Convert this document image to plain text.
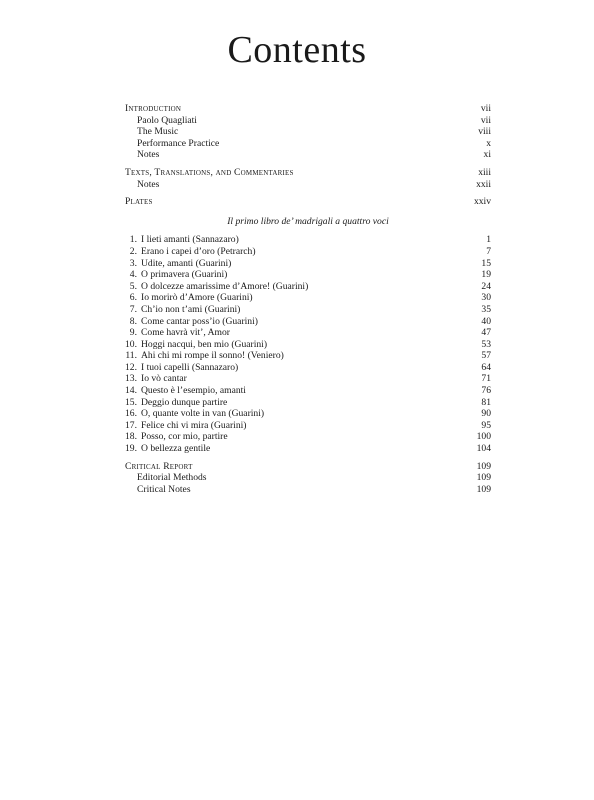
Contents
Introduction	vii
Paolo Quagliati	vii
The Music	viii
Performance Practice	x
Notes	xi
Texts, Translations, and Commentaries	xiii
Notes	xxii
Plates	xxiv
Il primo libro de’ madrigali a quattro voci
1. I lieti amanti (Sannazaro)	1
2. Erano i capei d’oro (Petrarch)	7
3. Udite, amanti (Guarini)	15
4. O primavera (Guarini)	19
5. O dolcezze amarissime d’Amore! (Guarini)	24
6. Io morirò d’Amore (Guarini)	30
7. Ch’io non t’ami (Guarini)	35
8. Come cantar poss’io (Guarini)	40
9. Come havrà vit’, Amor	47
10. Hoggi nacqui, ben mio (Guarini)	53
11. Ahi chi mi rompe il sonno! (Veniero)	57
12. I tuoi capelli (Sannazaro)	64
13. Io vò cantar	71
14. Questo è l’esempio, amanti	76
15. Deggio dunque partire	81
16. O, quante volte in van (Guarini)	90
17. Felice chi vi mira (Guarini)	95
18. Posso, cor mio, partire	100
19. O bellezza gentile	104
Critical Report	109
Editorial Methods	109
Critical Notes	109
